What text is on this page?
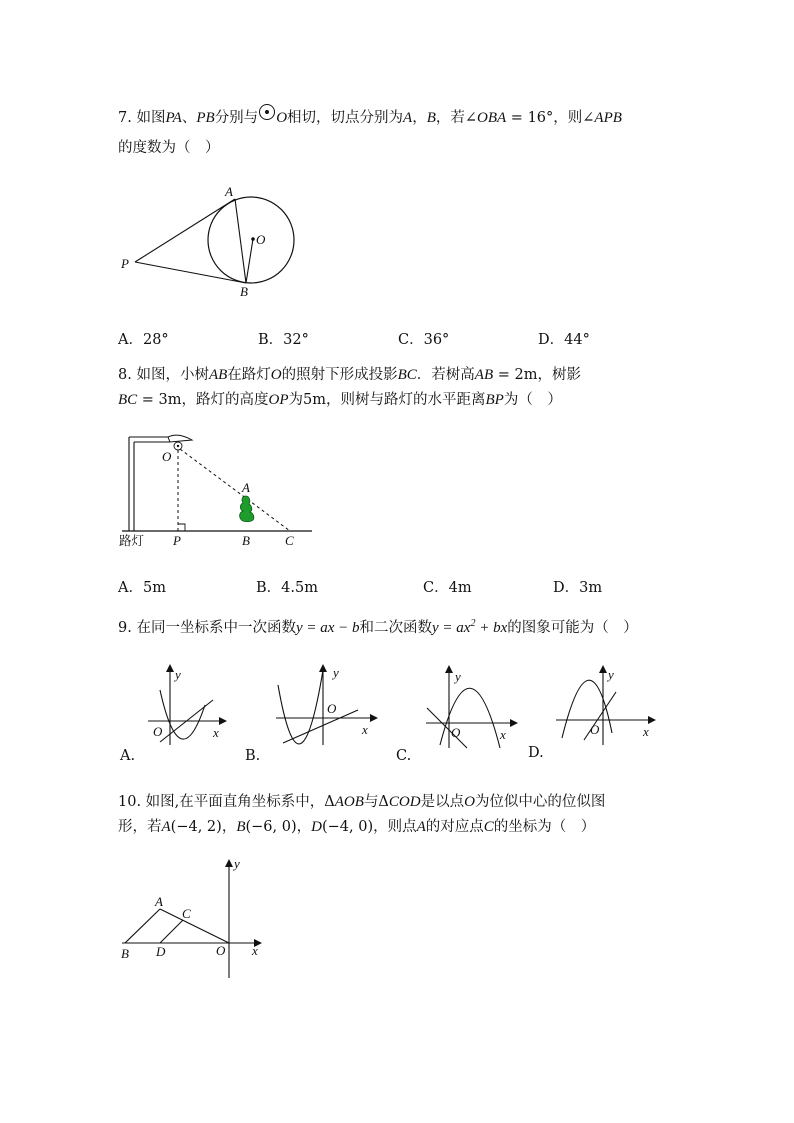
7. 如图PA、PB分别与 O相切，切点分别为A，B，若∠OBA = 16°，则∠APB
的度数为（　）
A
O
P
B
A．28°	B．32°	C．36°	D．44°
8. 如图，小树AB在路灯O的照射下形成投影BC．若树高AB = 2m，树影
BC = 3m，路灯的高度OP为5m，则树与路灯的水平距离BP为（　）
O
A
P	B	C
路灯
A．5m	B．4.5m	C．4m	D．3m
9. 在同一坐标系中一次函数y = ax − b和二次函数$y = ax^2$ + bx的图象可能为（　）
y
O	x
A.
y
O
x
B.
y
O	x
C.
y
O	x
D.
10. 如图,在平面直角坐标系中，ΔAOB与ΔCOD是以点O为位似中心的位似图
形，若A(−4, 2)，B(−6, 0)，D(−4, 0)，则点A的对应点C的坐标为（　）
A
C
B D	O x
y
